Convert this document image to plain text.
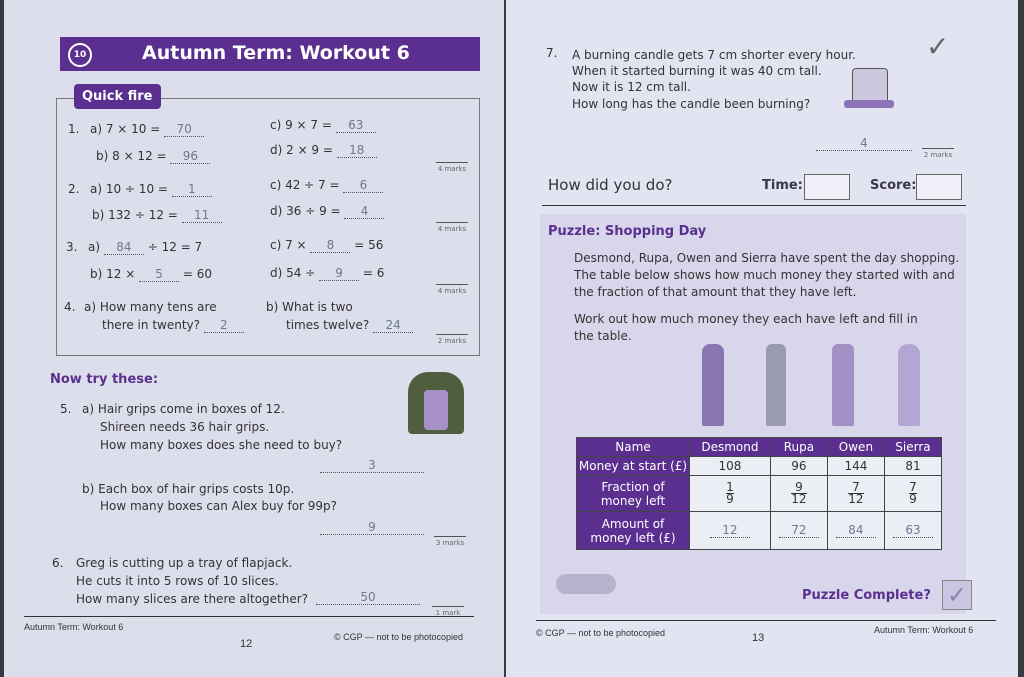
10	Autumn Term: Workout 6
Quick fire
1. a) 7 × 10 = 70
b) 8 × 12 = 96
c) 9 × 7 = 63
d) 2 × 9 = 18
4 marks
2. a) 10 ÷ 10 = 1
b) 132 ÷ 12 = 11
c) 42 ÷ 7 = 6
d) 36 ÷ 9 = 4
4 marks
3. a) 84 ÷ 12 = 7
b) 12 × 5 = 60
c) 7 × 8 = 56
d) 54 ÷ 9 = 6
4 marks
4. a) How many tens are
there in twenty? 2
b) What is two
times twelve? 24
2 marks
Now try these:
5. a) Hair grips come in boxes of 12.
Shireen needs 36 hair grips.
How many boxes does she need to buy?
3
b) Each box of hair grips costs 10p.
How many boxes can Alex buy for 99p?
9
3 marks
6. Greg is cutting up a tray of flapjack.
He cuts it into 5 rows of 10 slices.
How many slices are there altogether?	50
1 mark
Autumn Term: Workout 6
12
© CGP — not to be photocopied
7. A burning candle gets 7 cm shorter every hour.
When it started burning it was 40 cm tall.
Now it is 12 cm tall.
How long has the candle been burning?
✓
4
2 marks
How did you do?	Time:	Score:
Puzzle: Shopping Day
Desmond, Rupa, Owen and Sierra have spent the day shopping.
The table below shows how much money they started with and
the fraction of that amount that they have left.
Work out how much money they each have left and fill in
the table.
Name	Desmond	Rupa	Owen	Sierra
Money at start (£)	108	96	144	81
Fraction of
money left	$\frac{1}{9}$	$\frac{9}{12}$	$\frac{7}{12}$	$\frac{7}{9}$

Amount of
money left (£)	12	72	84	63
Puzzle Complete? ✓
© CGP — not to be photocopied	13
Autumn Term: Workout 6
